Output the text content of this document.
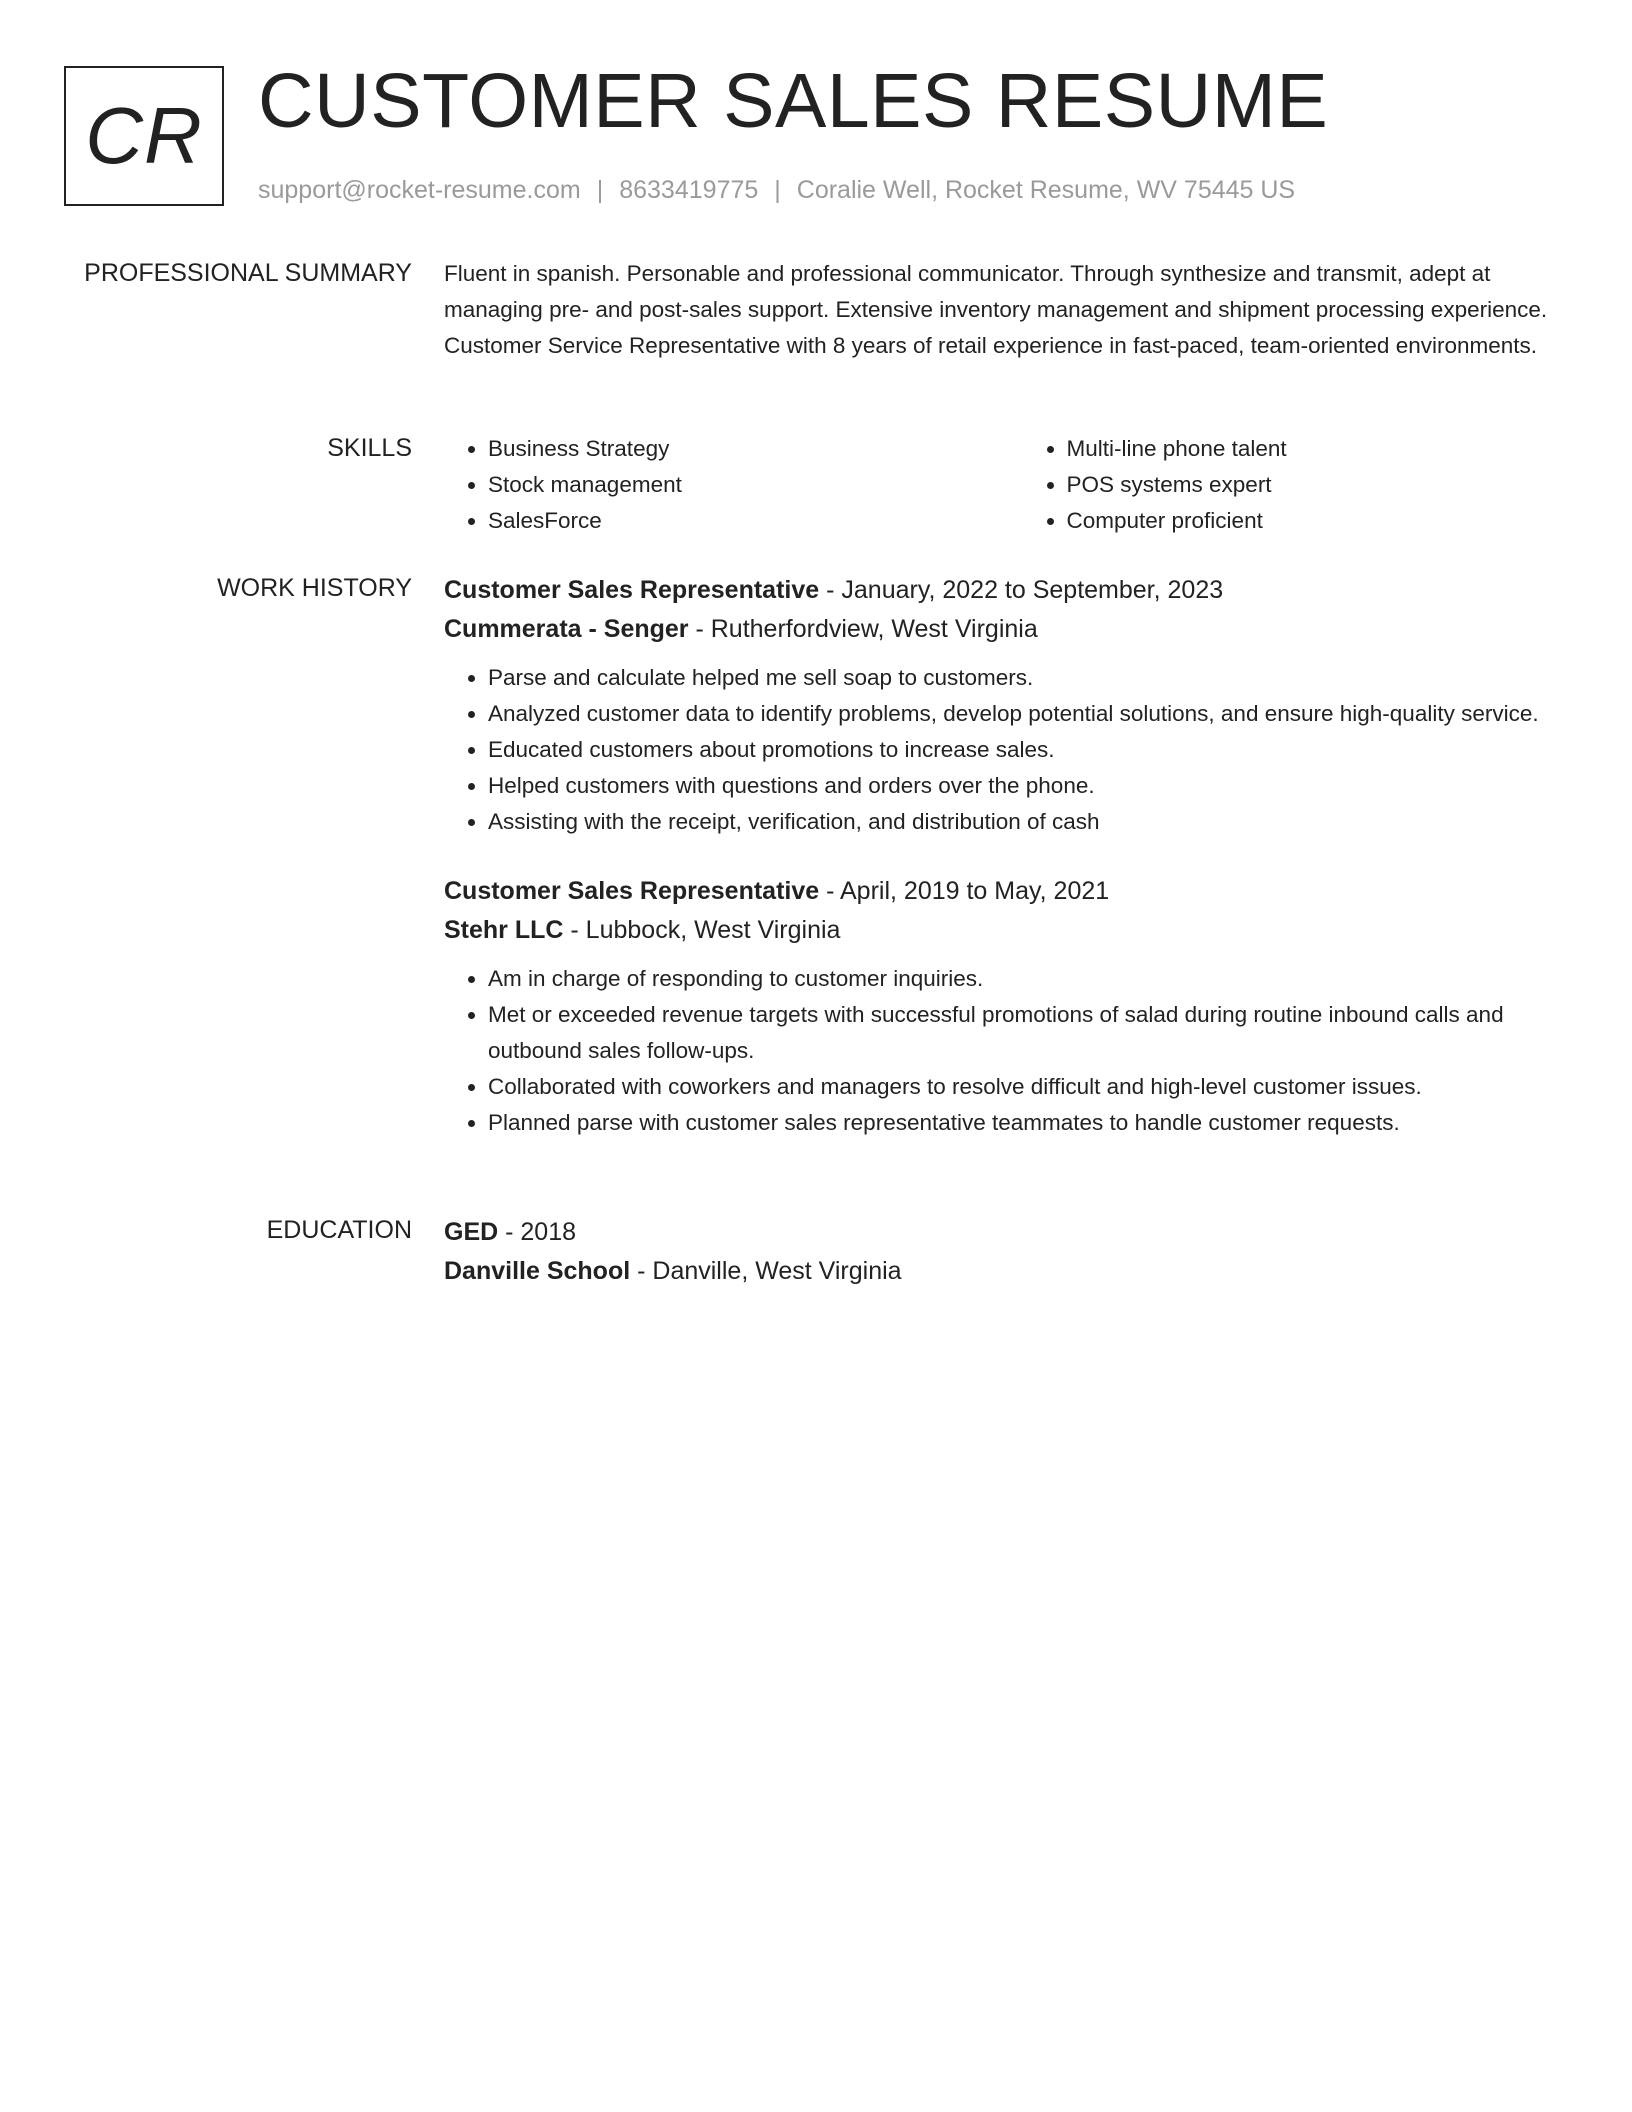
CR CUSTOMER SALES RESUME
support@rocket-resume.com | 8633419775 | Coralie Well, Rocket Resume, WV 75445 US
PROFESSIONAL SUMMARY Fluent in spanish. Personable and professional communicator. Through synthesize and transmit, adept at managing pre- and post-sales support. Extensive inventory management and shipment processing experience. Customer Service Representative with 8 years of retail experience in fast-paced, team-oriented environments.

SKILLS
•	Business Strategy
• Stock management
• SalesForce
• Multi-line phone talent
• POS systems expert
• Computer proficient
WORK HISTORY Customer Sales Representative - January, 2022 to September, 2023
Cummerata - Senger - Rutherfordview, West Virginia
• Parse and calculate helped me sell soap to customers.
• Analyzed customer data to identify problems, develop potential solutions, and ensure high-quality service.
• Educated customers about promotions to increase sales.
• Helped customers with questions and orders over the phone.
• Assisting with the receipt, verification, and distribution of cash
Customer Sales Representative - April, 2019 to May, 2021
Stehr LLC - Lubbock, West Virginia
• Am in charge of responding to customer inquiries.
• Met or exceeded revenue targets with successful promotions of salad during routine inbound calls and outbound sales follow-ups.
• Collaborated with coworkers and managers to resolve difficult and high-level customer issues.
• Planned parse with customer sales representative teammates to handle customer requests.
EDUCATION GED - 2018
Danville School - Danville, West Virginia
